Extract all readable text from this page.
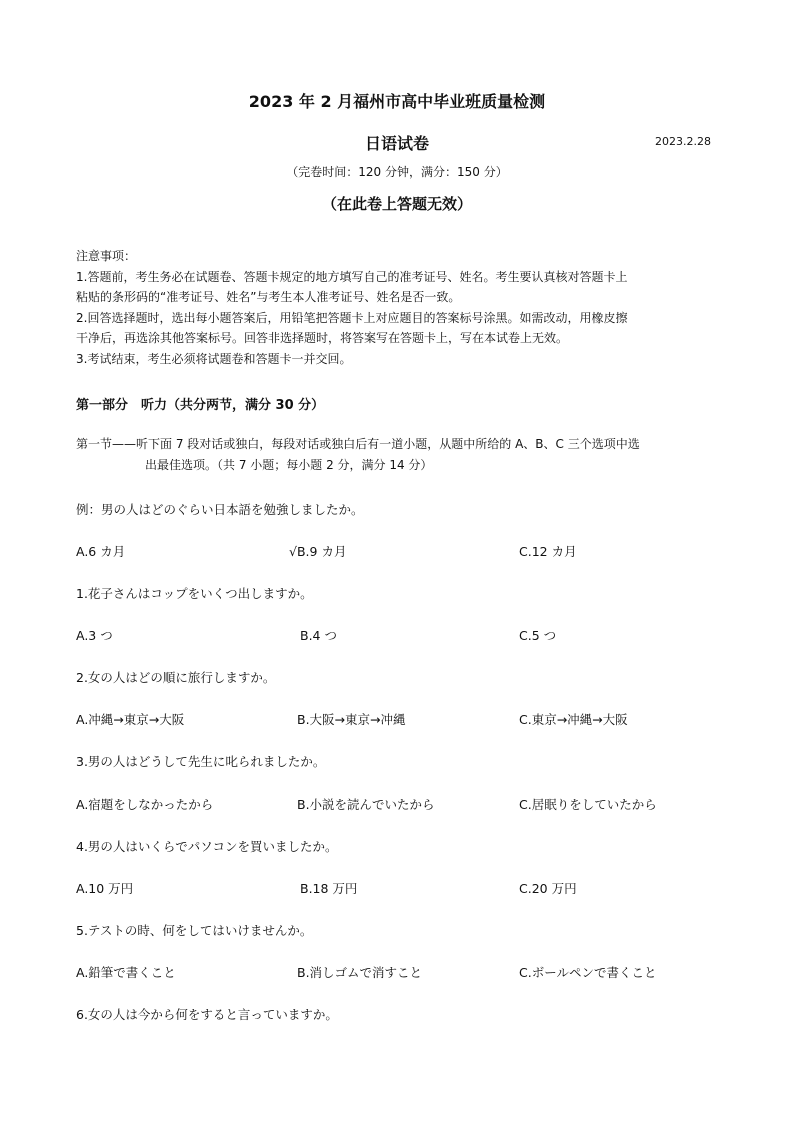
2023 年 2 月福州市高中毕业班质量检测
日语试卷	2023.2.28
（完卷时间：120 分钟，满分：150 分）
（在此卷上答题无效）
注意事项：
1.答题前，考生务必在试题卷、答题卡规定的地方填写自己的准考证号、姓名。考生要认真核对答题卡上
粘贴的条形码的“准考证号、姓名”与考生本人准考证号、姓名是否一致。
2.回答选择题时，选出每小题答案后，用铅笔把答题卡上对应题目的答案标号涂黑。如需改动，用橡皮擦
干净后，再选涂其他答案标号。回答非选择题时，将答案写在答题卡上，写在本试卷上无效。
3.考试结束，考生必须将试题卷和答题卡一并交回。
第一部分　听力（共分两节，满分 30 分）
第一节——听下面 7 段对话或独白，每段对话或独白后有一道小题，从题中所给的 A、B、C 三个选项中选
出最佳选项。（共 7 小题；每小题 2 分，满分 14 分）
例：男の人はどのぐらい日本語を勉強しましたか。
A.6 カ月	√B.9 カ月	C.12 カ月
1.花子さんはコップをいくつ出しますか。
A.3 つ	B.4 つ	C.5 つ
2.女の人はどの順に旅行しますか。
A.冲縄→東京→大阪	B.大阪→東京→冲縄	C.東京→冲縄→大阪
3.男の人はどうして先生に叱られましたか。
A.宿題をしなかったから	B.小説を読んでいたから	C.居眠りをしていたから
4.男の人はいくらでパソコンを買いましたか。
A.10 万円	B.18 万円	C.20 万円
5.テストの時、何をしてはいけませんか。
A.鉛筆で書くこと	B.消しゴムで消すこと	C.ボールペンで書くこと
6.女の人は今から何をすると言っていますか。
